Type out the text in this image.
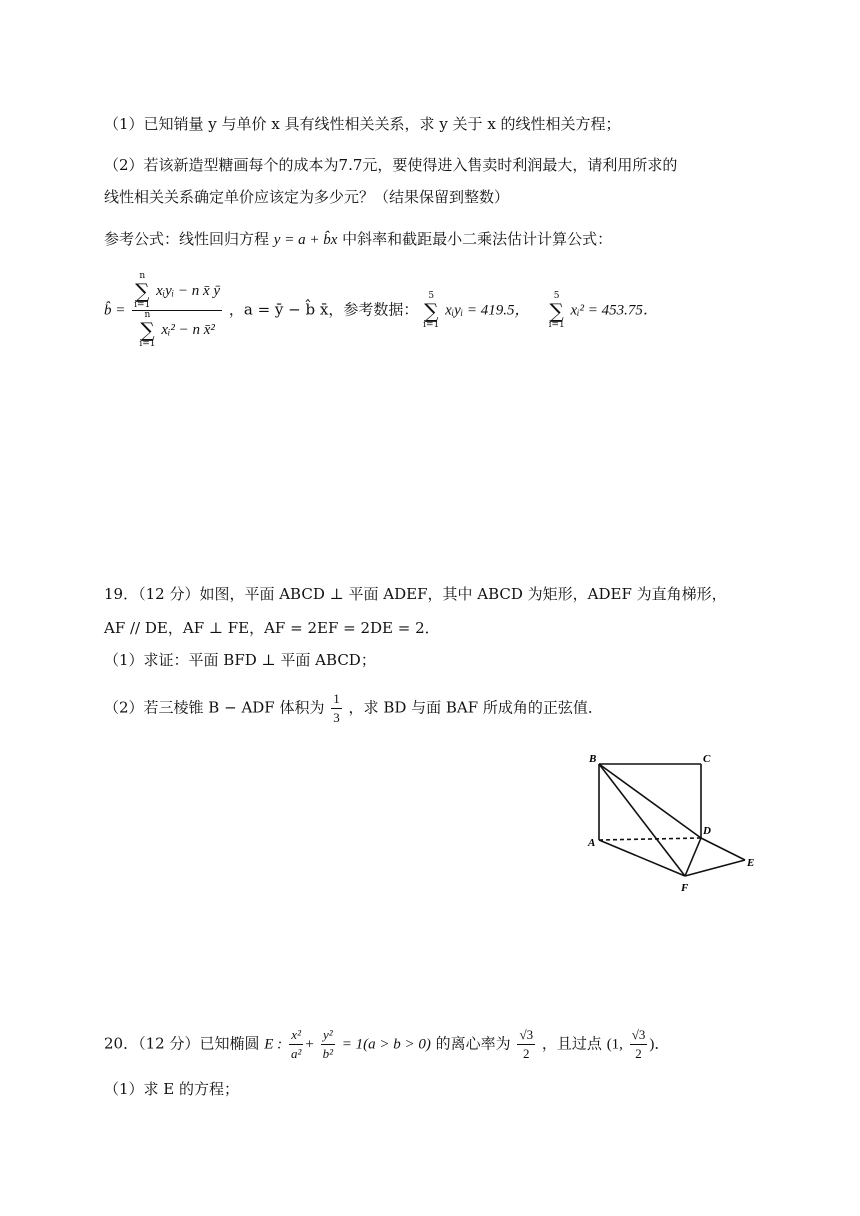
（1）已知销量 y 与单价 x 具有线性相关关系，求 y 关于 x 的线性相关方程；
（2）若该新造型糖画每个的成本为7.7元，要使得进入售卖时利润最大，请利用所求的
线性相关关系确定单价应该定为多少元？（结果保留到整数）
参考公式：线性回归方程 y = a + b̂x 中斜率和截距最小二乘法估计计算公式：
b̂ = n
∑
i=1 xᵢyᵢ − n x̄ ȳ
n
∑
i=1 xᵢ² − n x̄² ，a = ȳ − b̂ x̄，参考数据： 5
∑
i=1 xᵢyᵢ = 419.5，    5
∑
i=1 xᵢ² = 453.75．
19．（12 分）如图，平面 ABCD ⊥ 平面 ADEF，其中 ABCD 为矩形，ADEF 为直角梯形，
AF // DE，AF ⊥ FE，AF = 2EF = 2DE = 2．
（1）求证：平面 BFD ⊥ 平面 ABCD；
（2）若三棱锥 B − ADF 体积为 $\frac{1}{3}$ ，求 BD 与面 BAF 所成角的正弦值．
B	C
A
D
E
F
20．（12 分）已知椭圆 E : $\frac{\text{x²}}{\text{a²}} + \frac{\text{y²}}{\text{b²}} = 1(a > b > 0)$ 的离心率为 $\frac{√3}{2}$ ，且过点 (1, $\frac{√3}{2}$ )．
（1）求 E 的方程；
